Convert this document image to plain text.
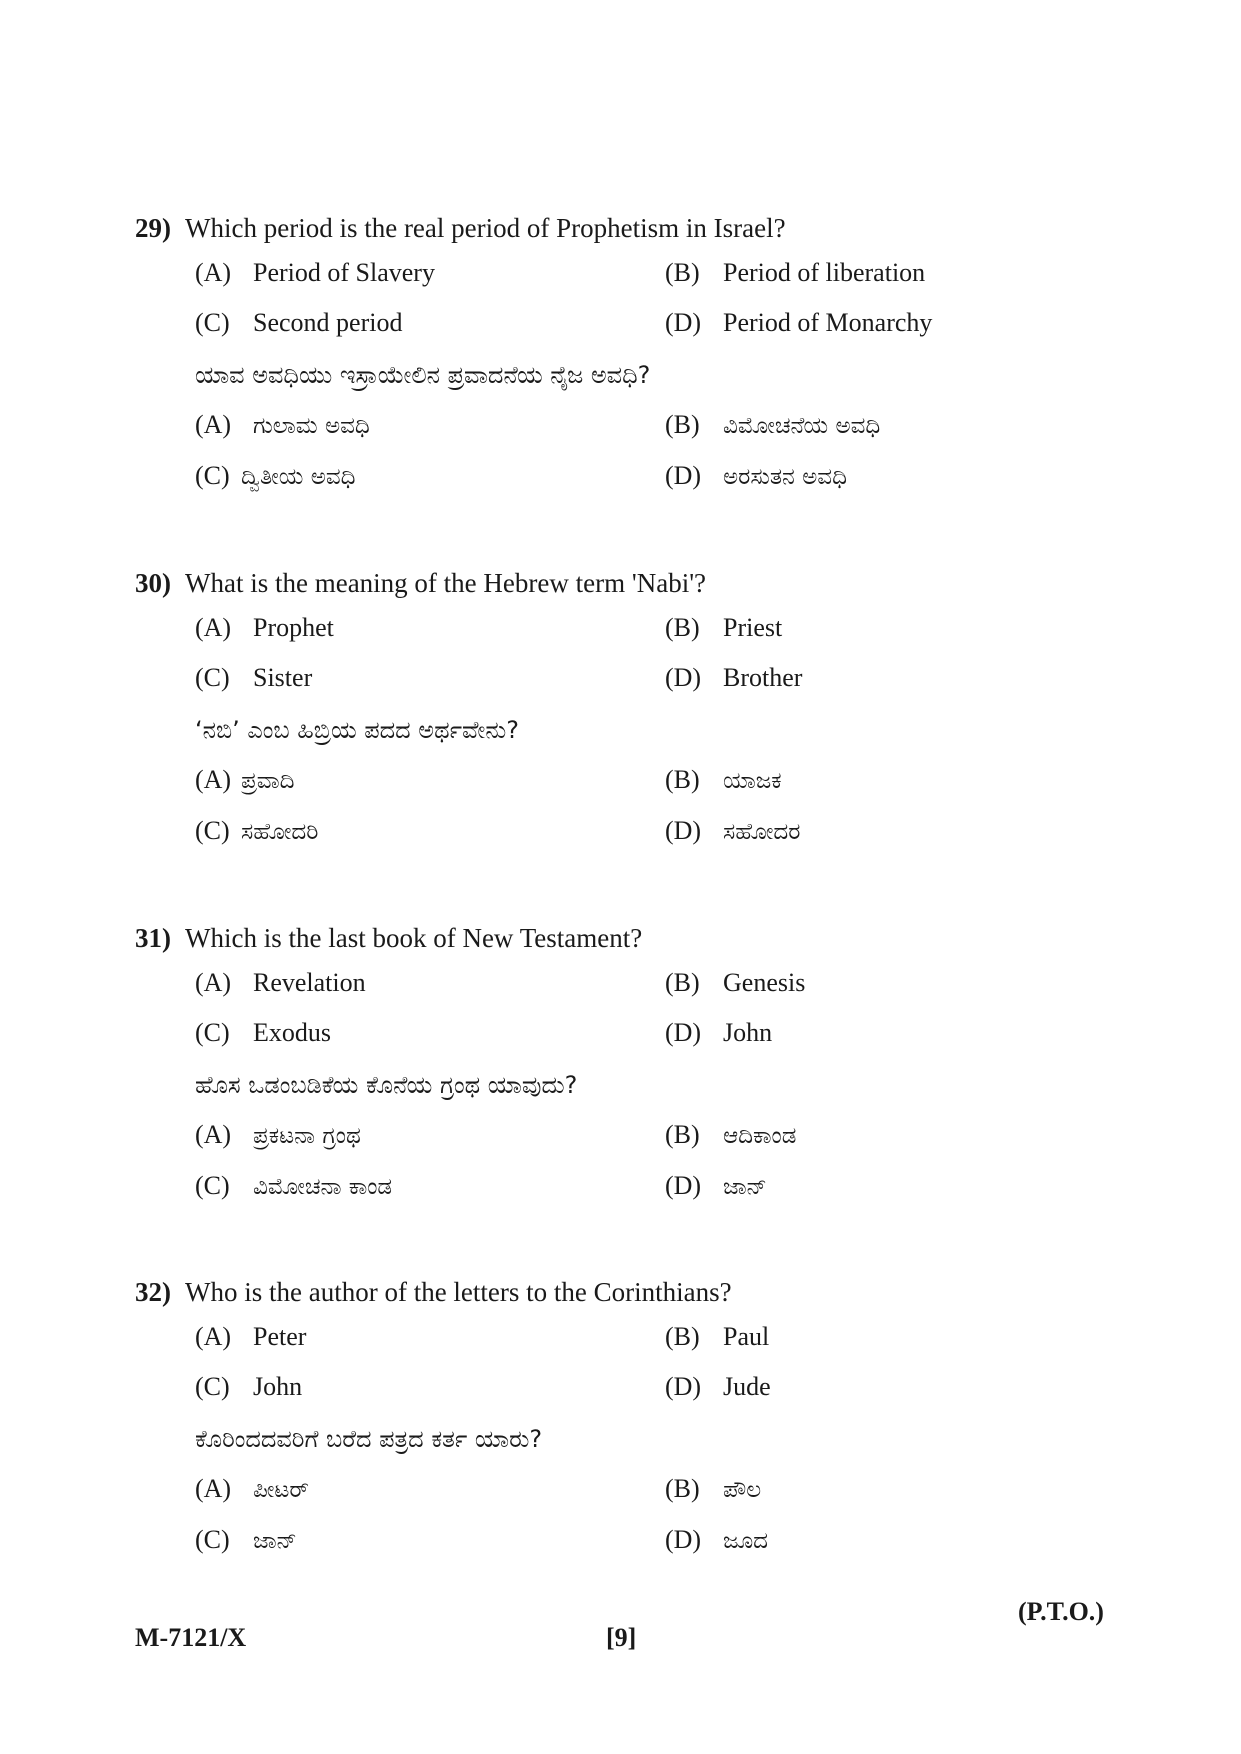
29) Which period is the real period of Prophetism in Israel?
(A) Period of Slavery	(B) Period of liberation
(C) Second period	(D) Period of Monarchy
ಯಾವ ಅವಧಿಯು ಇಸ್ರಾಯೇಲಿನ ಪ್ರವಾದನೆಯ ನೈಜ ಅವಧಿ?
(A) ಗುಲಾಮ ಅವಧಿ	(B) ವಿಮೋಚನೆಯ ಅವಧಿ
(C) ದ್ವಿತೀಯ ಅವಧಿ	(D) ಅರಸುತನ ಅವಧಿ
30) What is the meaning of the Hebrew term 'Nabi'?
(A) Prophet	(B) Priest
(C) Sister	(D) Brother
‘ನಬಿ’ ಎಂಬ ಹಿಬ್ರಿಯ ಪದದ ಅರ್ಥವೇನು?
(A) ಪ್ರವಾದಿ	(B) ಯಾಜಕ
(C) ಸಹೋದರಿ	(D) ಸಹೋದರ
31) Which is the last book of New Testament?
(A) Revelation	(B) Genesis
(C) Exodus	(D) John
ಹೊಸ ಒಡಂಬಡಿಕೆಯ ಕೊನೆಯ ಗ್ರಂಥ ಯಾವುದು?
(A) ಪ್ರಕಟನಾ ಗ್ರಂಥ	(B) ಆದಿಕಾಂಡ
(C) ವಿಮೋಚನಾ ಕಾಂಡ	(D) ಜಾನ್
32) Who is the author of the letters to the Corinthians?
(A) Peter	(B) Paul
(C) John	(D) Jude
ಕೊರಿಂದದವರಿಗೆ ಬರೆದ ಪತ್ರದ ಕರ್ತ ಯಾರು?
(A) ಪೀಟರ್	(B) ಪೌಲ
(C) ಜಾನ್	(D) ಜೂದ
(P.T.O.)
M-7121/X	[9]
